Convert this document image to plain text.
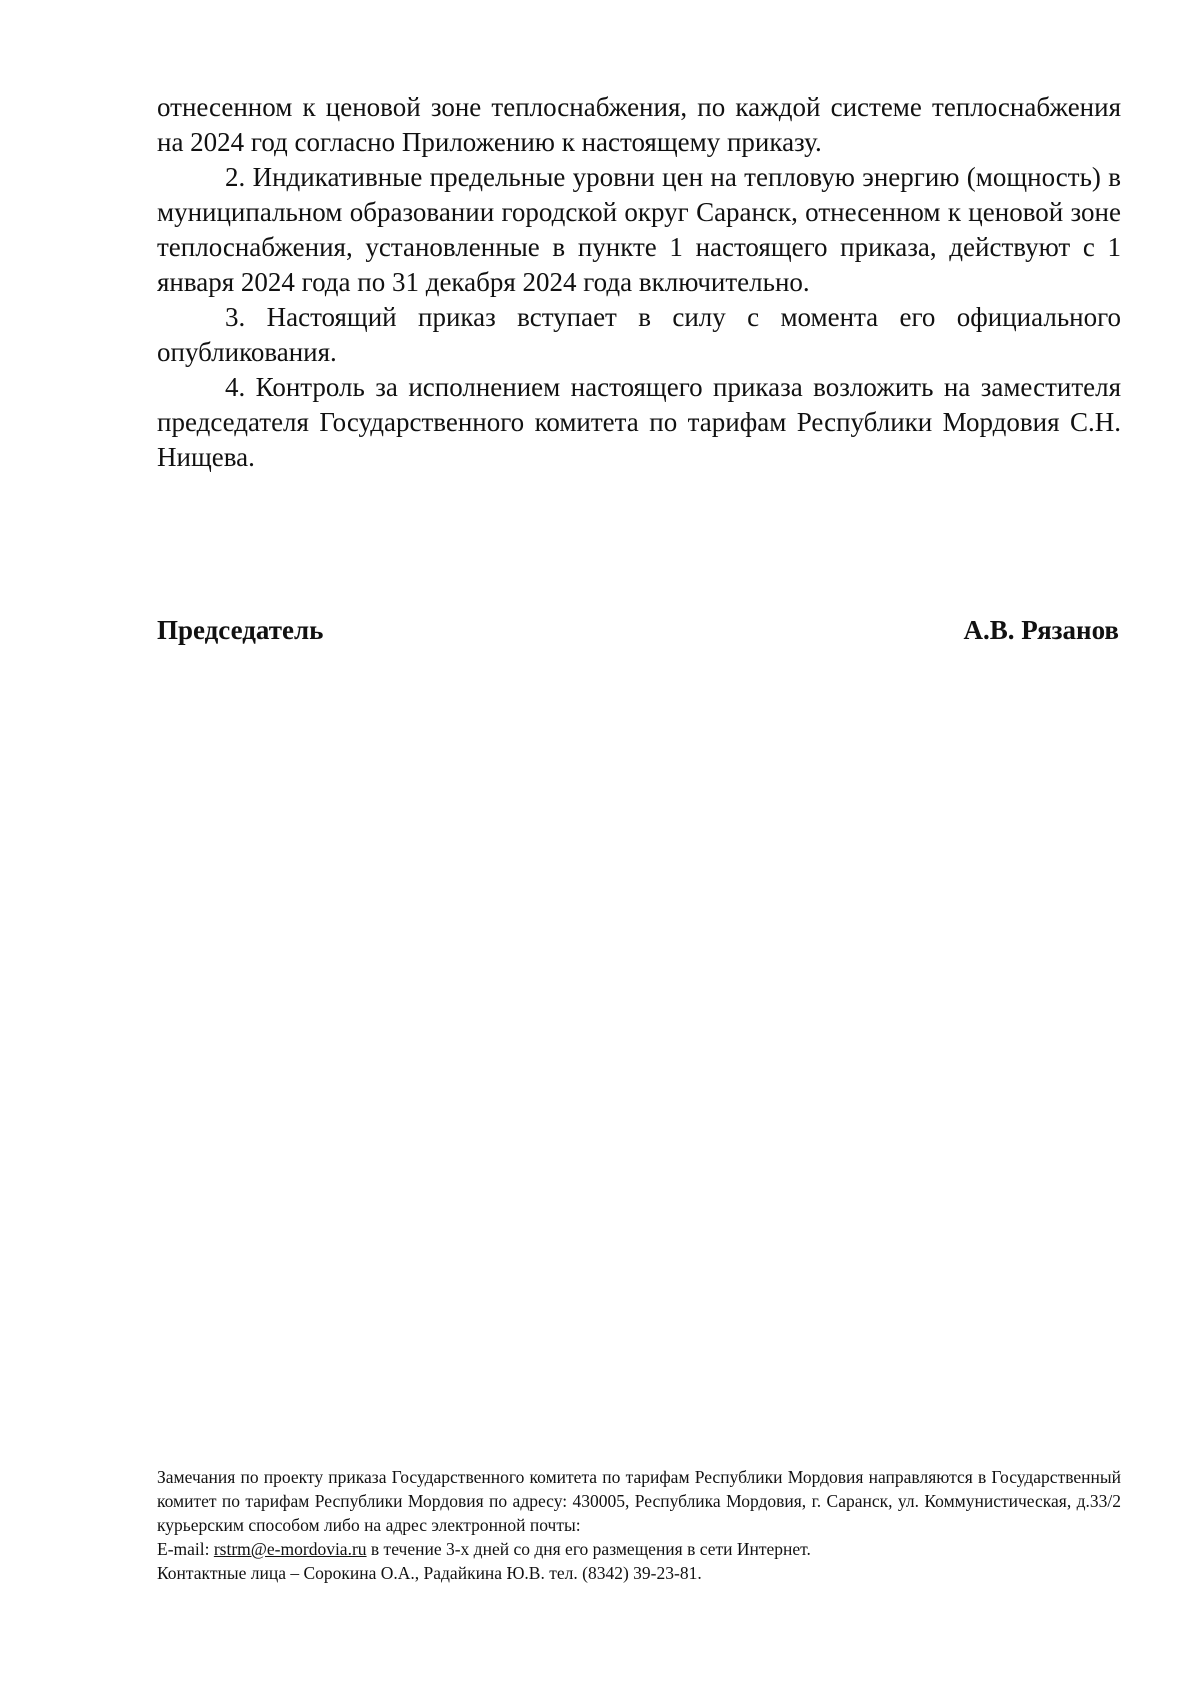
отнесенном к ценовой зоне теплоснабжения, по каждой системе теплоснабжения на 2024 год согласно Приложению к настоящему приказу.

2. Индикативные предельные уровни цен на тепловую энергию (мощность) в муниципальном образовании городской округ Саранск, отнесенном к ценовой зоне теплоснабжения, установленные в пункте 1 настоящего приказа, действуют с 1 января 2024 года по 31 декабря 2024 года включительно.

3. Настоящий приказ вступает в силу с момента его официального опубликования.

4. Контроль за исполнением настоящего приказа возложить на заместителя председателя Государственного комитета по тарифам Республики Мордовия С.Н. Нищева.

Председатель	А.В. Рязанов

Замечания по проекту приказа Государственного комитета по тарифам Республики Мордовия направляются в Государственный комитет по тарифам Республики Мордовия по адресу: 430005, Республика Мордовия, г. Саранск, ул. Коммунистическая, д.33/2 курьерским способом либо на адрес электронной почты:

E-mail: rstrm@e-mordovia.ru в течение 3-х дней со дня его размещения в сети Интернет.

Контактные лица – Сорокина О.А., Радайкина Ю.В. тел. (8342) 39-23-81.
